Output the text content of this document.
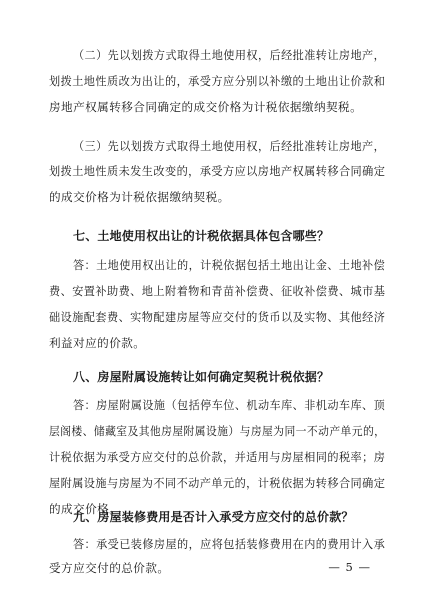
（二）先以划拨方式取得土地使用权，后经批准转让房地产，
划拨土地性质改为出让的，承受方应分别以补缴的土地出让价款和
房地产权属转移合同确定的成交价格为计税依据缴纳契税。
（三）先以划拨方式取得土地使用权，后经批准转让房地产，
划拨土地性质未发生改变的，承受方应以房地产权属转移合同确定
的成交价格为计税依据缴纳契税。
七、土地使用权出让的计税依据具体包含哪些？
答：土地使用权出让的，计税依据包括土地出让金、土地补偿
费、安置补助费、地上附着物和青苗补偿费、征收补偿费、城市基
础设施配套费、实物配建房屋等应交付的货币以及实物、其他经济
利益对应的价款。
八、房屋附属设施转让如何确定契税计税依据？
答：房屋附属设施（包括停车位、机动车库、非机动车库、顶
层阁楼、储藏室及其他房屋附属设施）与房屋为同一不动产单元的，
计税依据为承受方应交付的总价款，并适用与房屋相同的税率；房
屋附属设施与房屋为不同不动产单元的，计税依据为转移合同确定
的成交价格。
九、房屋装修费用是否计入承受方应交付的总价款？
答：承受已装修房屋的，应将包括装修费用在内的费用计入承
受方应交付的总价款。	— 5 —
